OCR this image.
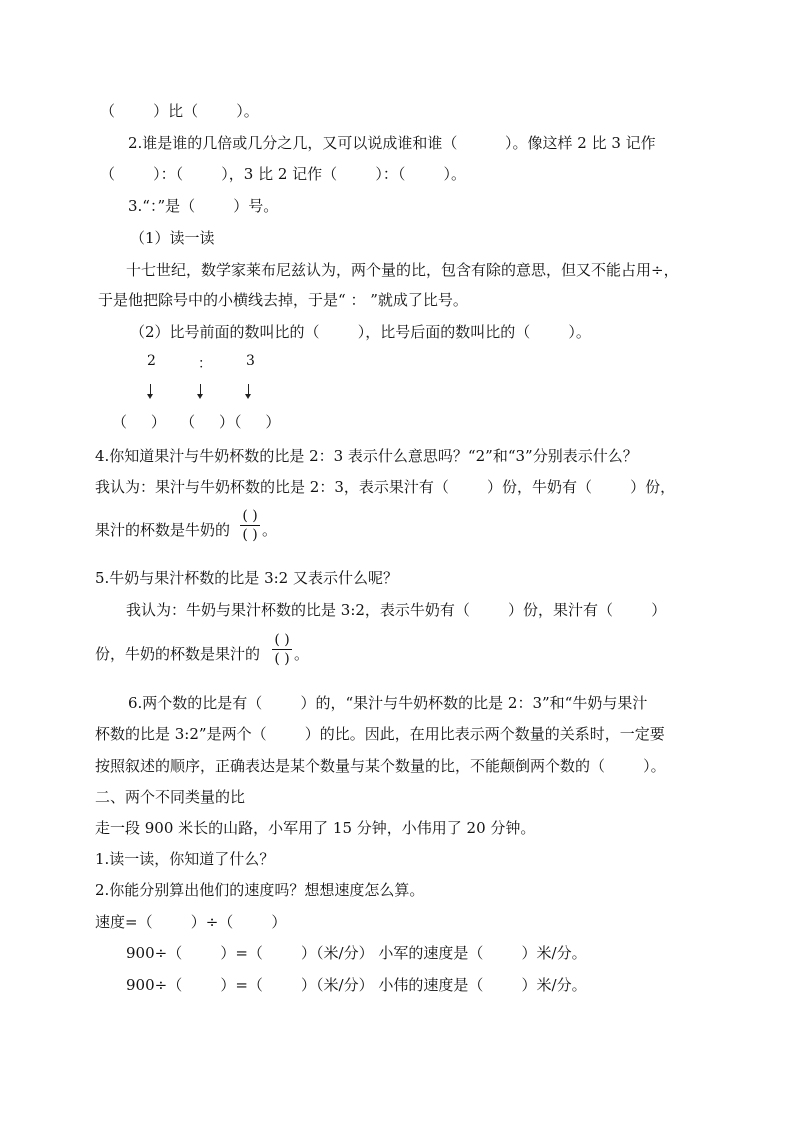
（        ）比（        ）。
2.谁是谁的几倍或几分之几，又可以说成谁和谁（          ）。像这样 2 比 3 记作
（        ）：（        ），3 比 2 记作（        ）：（        ）。
3.“：”是（        ）号。
（1）读一读
十七世纪，数学家莱布尼兹认为，两个量的比，包含有除的意思，但又不能占用÷，
于是他把除号中的小横线去掉，于是“ ： ”就成了比号。
（2）比号前面的数叫比的（        ），比号后面的数叫比的（        ）。
2	： 3
（     ）   （     ）（     ）
4.你知道果汁与牛奶杯数的比是 2：3 表示什么意思吗？“2”和“3”分别表示什么？
我认为：果汁与牛奶杯数的比是 2：3，表示果汁有（        ）份，牛奶有（        ）份，
果汁的杯数是牛奶的
( )
( ) 。
5.牛奶与果汁杯数的比是 3:2 又表示什么呢？
我认为：牛奶与果汁杯数的比是 3:2，表示牛奶有（        ）份，果汁有（        ）
份，牛奶的杯数是果汁的
( )
( ) 。
6.两个数的比是有（        ）的，“果汁与牛奶杯数的比是 2：3”和“牛奶与果汁
杯数的比是 3:2”是两个（        ）的比。因此，在用比表示两个数量的关系时，一定要
按照叙述的顺序，正确表达是某个数量与某个数量的比，不能颠倒两个数的（        ）。
二、两个不同类量的比
走一段 900 米长的山路，小军用了 15 分钟，小伟用了 20 分钟。
1.读一读，你知道了什么？
2.你能分别算出他们的速度吗？想想速度怎么算。
速度=（        ）÷（        ）
900÷（        ）=（        ）（米/分） 小军的速度是（        ）米/分。
900÷（        ）=（        ）（米/分） 小伟的速度是（        ）米/分。
